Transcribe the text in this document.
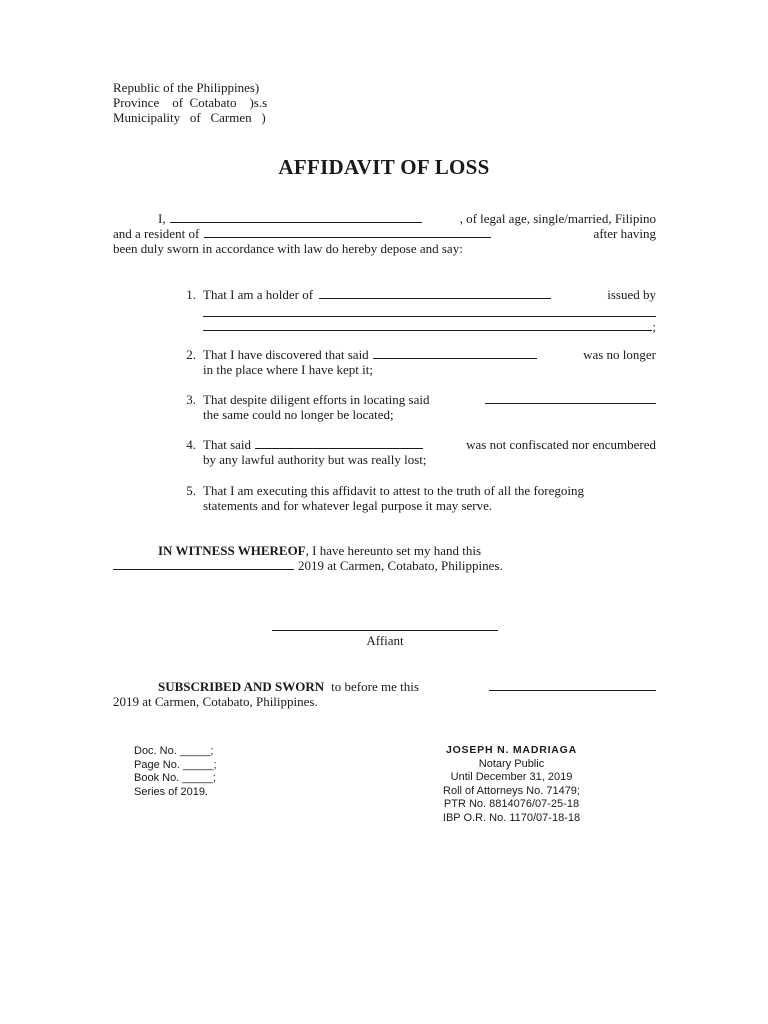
Republic of the Philippines)
Province    of  Cotabato    )s.s
Municipality   of   Carmen   )
AFFIDAVIT OF LOSS
I,	, of legal age, single/married, Filipino
and a resident of	after having
been duly sworn in accordance with law do hereby depose and say:
1. That I am a holder of	issued by
;
2. That I have discovered that said	was no longer
in the place where I have kept it;
3. That despite diligent efforts in locating said
the same could no longer be located;
4. That said	was not confiscated nor encumbered
by any lawful authority but was really lost;
5. That I am executing this affidavit to attest to the truth of all the foregoing
statements and for whatever legal purpose it may serve.
IN WITNESS WHEREOF , I have hereunto set my hand this
2019 at Carmen, Cotabato, Philippines.
Affiant
SUBSCRIBED AND SWORN to before me this
2019 at Carmen, Cotabato, Philippines.
Doc. No. _____;
Page No. _____;
Book No. _____;
Series of 2019.
JOSEPH N. MADRIAGA
Notary Public
Until December 31, 2019
Roll of Attorneys No. 71479;
PTR No. 8814076/07-25-18
IBP O.R. No. 1170/07-18-18
